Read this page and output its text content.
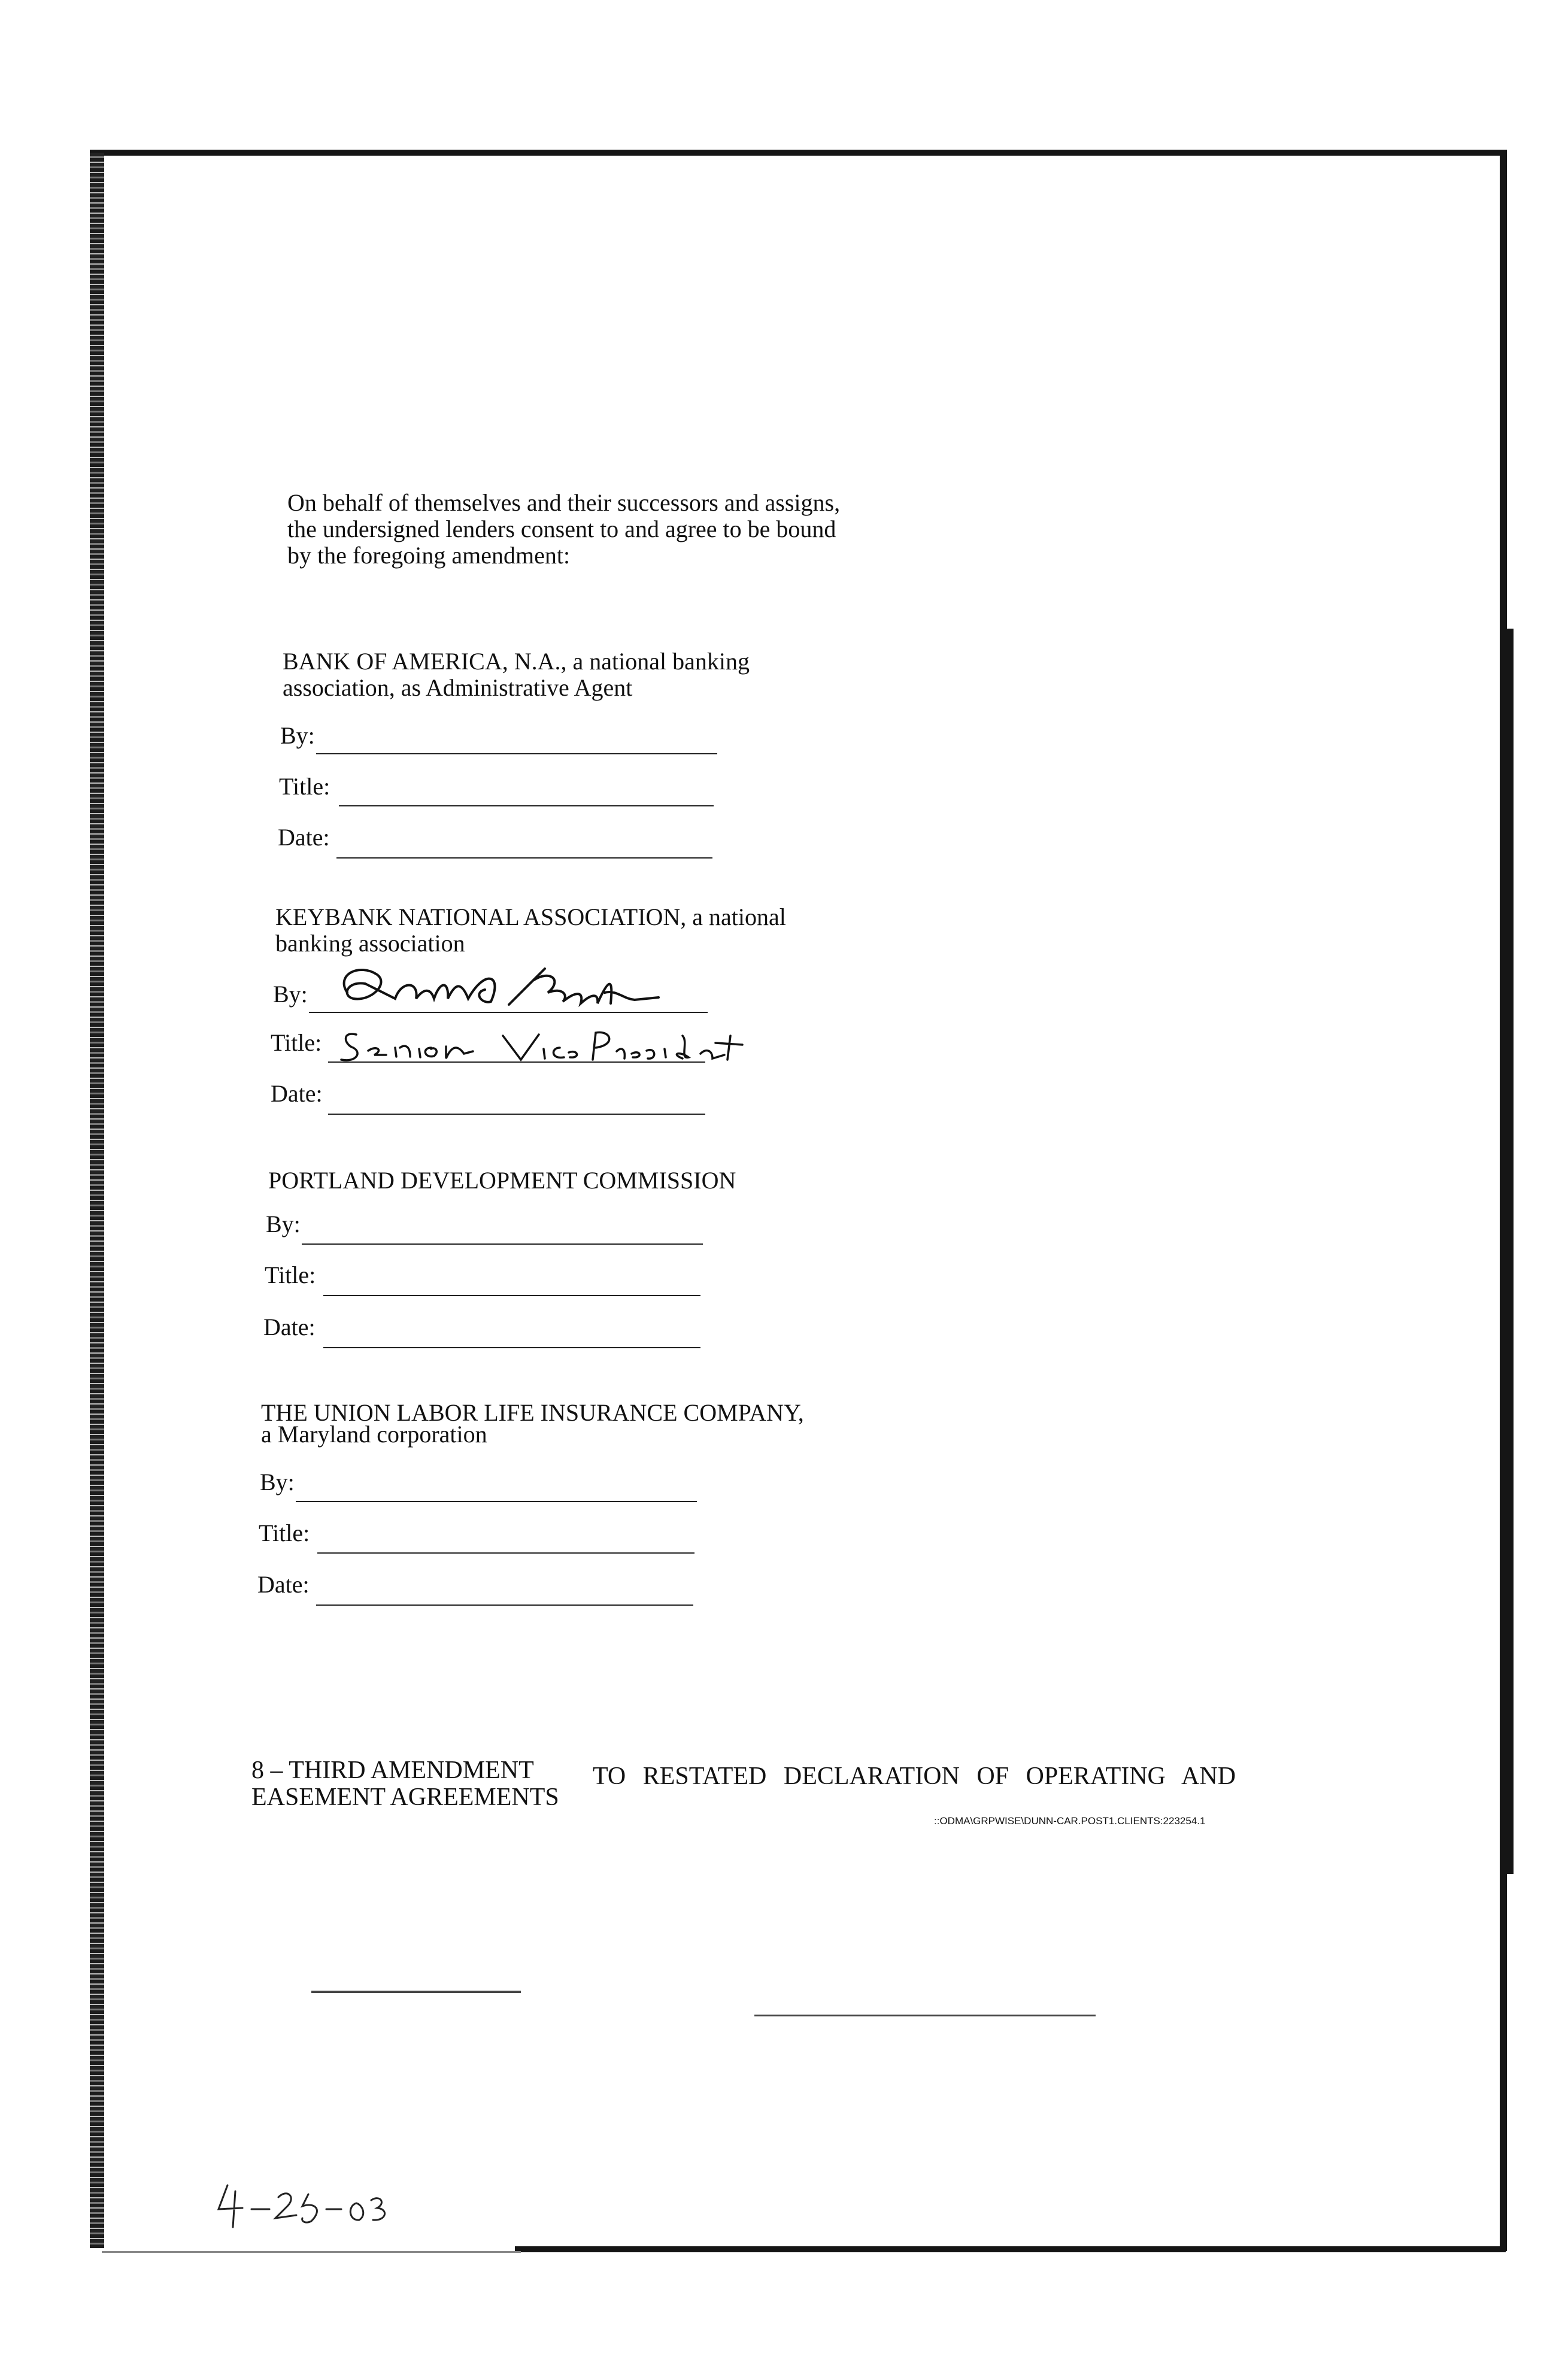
On behalf of themselves and their successors and assigns,
the undersigned lenders consent to and agree to be bound
by the foregoing amendment:
BANK OF AMERICA, N.A., a national banking
association, as Administrative Agent
By:
Title:
Date:
KEYBANK NATIONAL ASSOCIATION, a national
banking association
By:
Title:
Date:
PORTLAND DEVELOPMENT COMMISSION
By:
Title:
Date:
THE UNION LABOR LIFE INSURANCE COMPANY,
a Maryland corporation
By:
Title:
Date:
8 – THIRD AMENDMENT TO RESTATED DECLARATION OF OPERATING AND
EASEMENT AGREEMENTS
::ODMA\GRPWISE\DUNN-CAR.POST1.CLIENTS:223254.1
